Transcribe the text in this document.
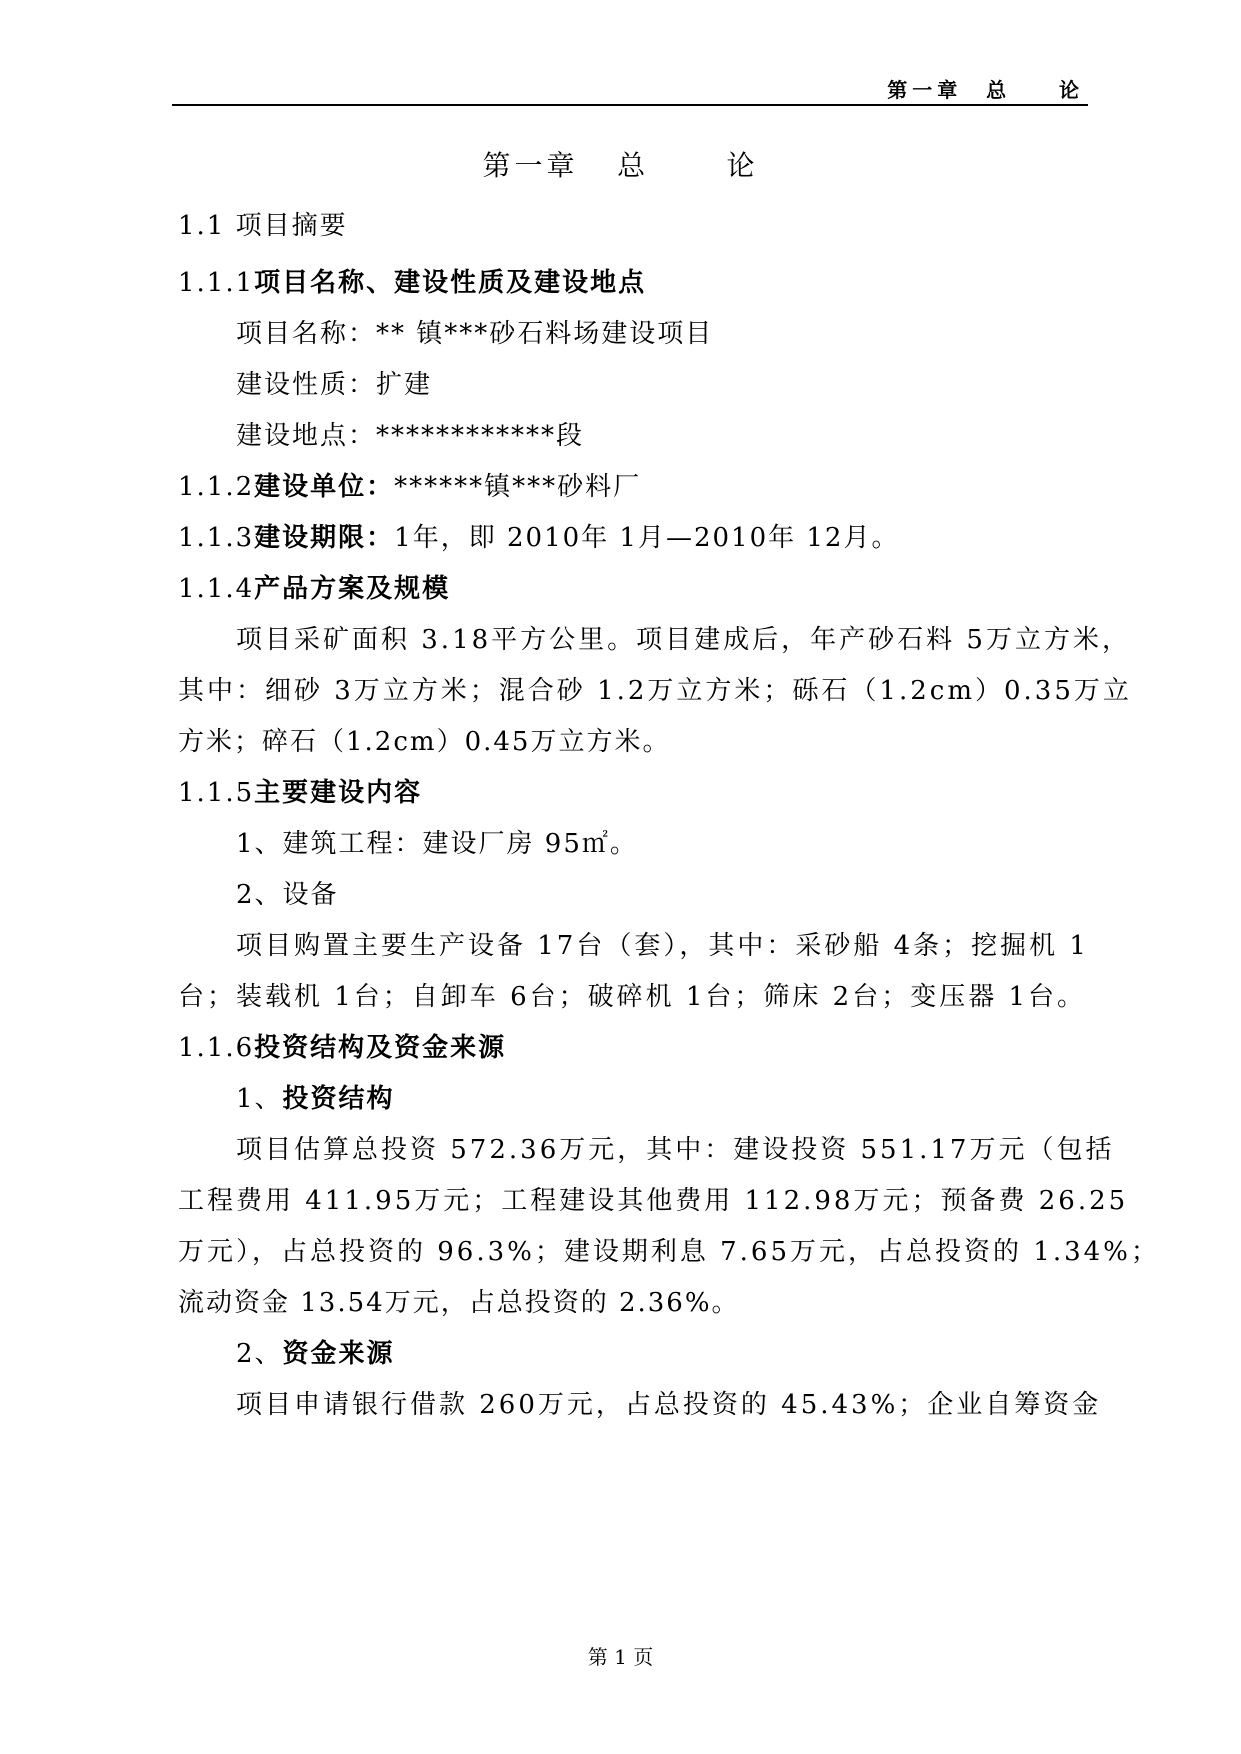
第一章  总    论
第一章   总      论
1.1 项目摘要
1.1.1项目名称、建设性质及建设地点
项目名称：** 镇***砂石料场建设项目
建设性质：扩建
建设地点：************段
1.1.2建设单位：******镇***砂料厂
1.1.3建设期限：1年，即 2010年 1月—2010年 12月。
1.1.4产品方案及规模
项目采矿面积 3.18平方公里。项目建成后，年产砂石料 5万立方米，
其中：细砂 3万立方米；混合砂 1.2万立方米；砾石（1.2cm）0.35万立
方米；碎石（1.2cm）0.45万立方米。
1.1.5主要建设内容
1、建筑工程：建设厂房 95㎡。
2、设备
项目购置主要生产设备 17台（套），其中：采砂船 4条；挖掘机 1
台；装载机 1台；自卸车 6台；破碎机 1台；筛床 2台；变压器 1台。
1.1.6投资结构及资金来源
1、投资结构
项目估算总投资 572.36万元，其中：建设投资 551.17万元（包括
工程费用 411.95万元；工程建设其他费用 112.98万元；预备费 26.25
万元），占总投资的 96.3%；建设期利息 7.65万元，占总投资的 1.34%；
流动资金 13.54万元，占总投资的 2.36%。
2、资金来源
项目申请银行借款 260万元，占总投资的 45.43%；企业自筹资金
第 1 页
